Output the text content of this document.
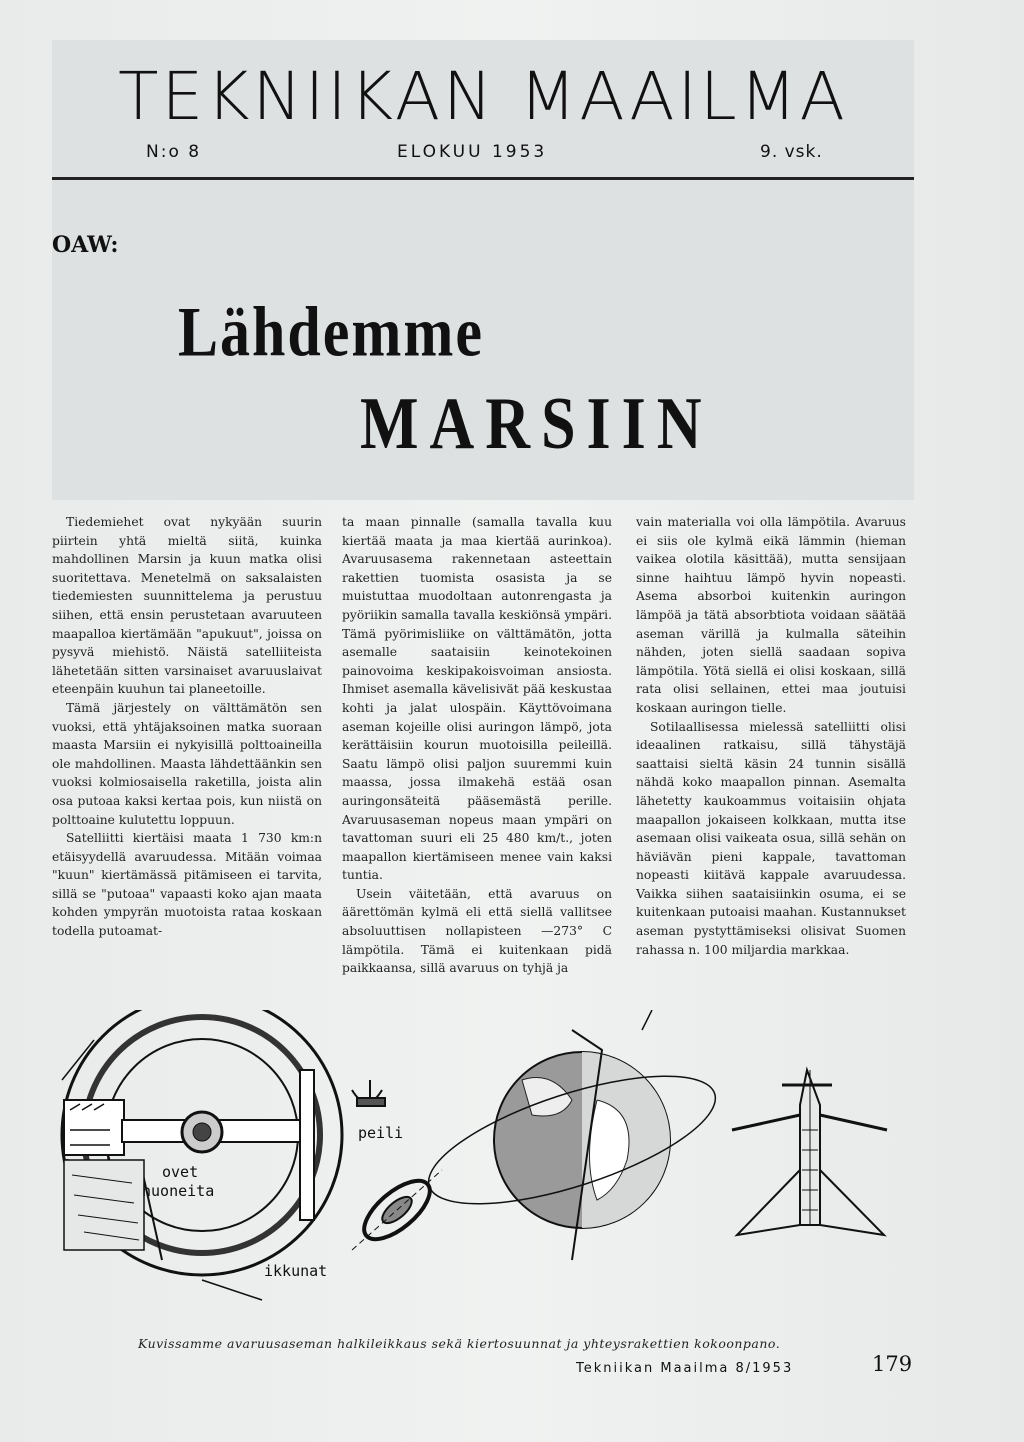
TEKNIIKAN MAAILMA
N:o 8	ELOKUU 1953	9. vsk.
OAW:
Lähdemme
MARSIIN

Tiedemiehet ovat nykyään suurin piirtein yhtä mieltä siitä, kuinka mahdollinen Marsin ja kuun matka olisi suoritettava. Menetelmä on saksalaisten tiedemiesten suunnittelema ja perustuu siihen, että ensin perustetaan avaruuteen maapalloa kiertämään "apukuut", joissa on pysyvä miehistö. Näistä satelliiteista lähetetään sitten varsinaiset avaruuslaivat eteenpäin kuuhun tai planeetoille.

Tämä järjestely on välttämätön sen vuoksi, että yhtäjaksoinen matka suoraan maasta Marsiin ei nykyisillä polttoaineilla ole mahdollinen. Maasta lähdettäänkin sen vuoksi kolmiosaisella raketilla, joista alin osa putoaa kaksi kertaa pois, kun niistä on polttoaine kulutettu loppuun.

Satelliitti kiertäisi maata 1 730 km:n etäisyydellä avaruudessa. Mitään voimaa "kuun" kiertämässä pitämiseen ei tarvita, sillä se "putoaa" vapaasti koko ajan maata kohden ympyrän muotoista rataa koskaan todella putoamat-

ta maan pinnalle (samalla tavalla kuu kiertää maata ja maa kiertää aurinkoa). Avaruusasema rakennetaan asteettain rakettien tuomista osasista ja se muistuttaa muodoltaan autonrengasta ja pyöriikin samalla tavalla keskiönsä ympäri. Tämä pyörimisliike on välttämätön, jotta asemalle saataisiin keinotekoinen painovoima keskipakoisvoiman ansiosta. Ihmiset asemalla kävelisivät pää keskustaa kohti ja jalat ulospäin. Käyttövoimana aseman kojeille olisi auringon lämpö, jota kerättäisiin kourun muotoisilla peileillä. Saatu lämpö olisi paljon suuremmi kuin maassa, jossa ilmakehä estää osan auringonsäteitä pääsemästä perille. Avaruusaseman nopeus maan ympäri on tavattoman suuri eli 25 480 km/t., joten maapallon kiertämiseen menee vain kaksi tuntia.

Usein väitetään, että avaruus on äärettömän kylmä eli että siellä vallitsee absoluuttisen nollapisteen —273° C lämpötila. Tämä ei kuitenkaan pidä paikkaansa, sillä avaruus on tyhjä ja

vain materialla voi olla lämpötila. Avaruus ei siis ole kylmä eikä lämmin (hieman vaikea olotila käsittää), mutta sensijaan sinne haihtuu lämpö hyvin nopeasti. Asema absorboi kuitenkin auringon lämpöä ja tätä absorbtiota voidaan säätää aseman värillä ja kulmalla säteihin nähden, joten siellä saadaan sopiva lämpötila. Yötä siellä ei olisi koskaan, sillä rata olisi sellainen, ettei maa joutuisi koskaan auringon tielle.

Sotilaallisessa mielessä satelliitti olisi ideaalinen ratkaisu, sillä tähystäjä saattaisi sieltä käsin 24 tunnin sisällä nähdä koko maapallon pinnan. Asemalta lähetetty kaukoammus voitaisiin ohjata maapallon jokaiseen kolkkaan, mutta itse asemaan olisi vaikeata osua, sillä sehän on häviävän pieni kappale, tavattoman nopeasti kiitävä kappale avaruudessa. Vaikka siihen saataisiinkin osuma, ei se kuitenkaan putoaisi maahan. Kustannukset aseman pystyttämiseksi olisivat Suomen rahassa n. 100 miljardia markkaa.

ovet
huoneita
ikkunat
peili
Kuvissamme avaruusaseman halkileikkaus sekä kiertosuunnat ja yhteysrakettien kokoonpano.
Tekniikan Maailma 8/1953	179
